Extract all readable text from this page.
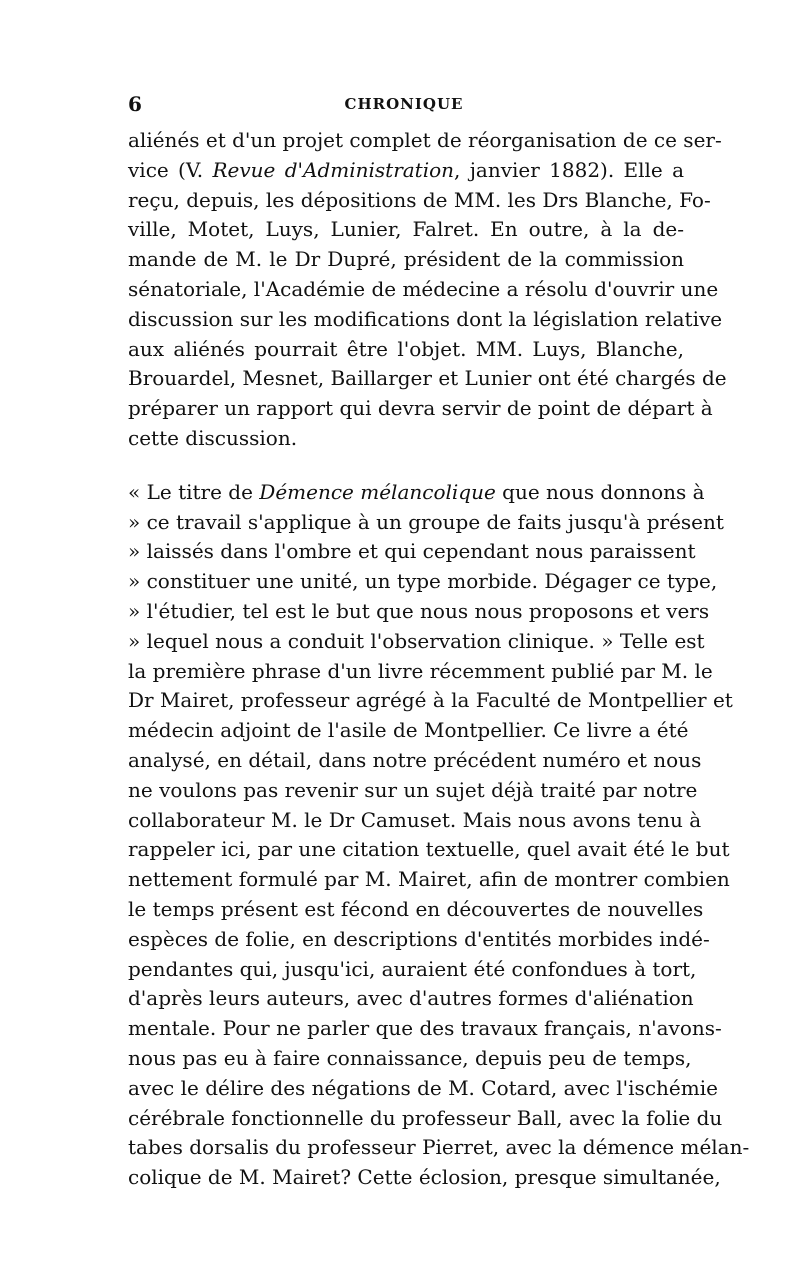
6	CHRONIQUE
aliénés et d'un projet complet de réorganisation de ce ser-
vice (V. Revue d'Administration, janvier 1882). Elle a
reçu, depuis, les dépositions de MM. les Drs Blanche, Fo-
ville, Motet, Luys, Lunier, Falret. En outre, à la de-
mande de M. le Dr Dupré, président de la commission
sénatoriale, l'Académie de médecine a résolu d'ouvrir une
discussion sur les modifications dont la législation relative
aux aliénés pourrait être l'objet. MM. Luys, Blanche,
Brouardel, Mesnet, Baillarger et Lunier ont été chargés de
préparer un rapport qui devra servir de point de départ à
cette discussion.
« Le titre de Démence mélancolique que nous donnons à
» ce travail s'applique à un groupe de faits jusqu'à présent
» laissés dans l'ombre et qui cependant nous paraissent
» constituer une unité, un type morbide. Dégager ce type,
» l'étudier, tel est le but que nous nous proposons et vers
» lequel nous a conduit l'observation clinique. » Telle est
la première phrase d'un livre récemment publié par M. le
Dr Mairet, professeur agrégé à la Faculté de Montpellier et
médecin adjoint de l'asile de Montpellier. Ce livre a été
analysé, en détail, dans notre précédent numéro et nous
ne voulons pas revenir sur un sujet déjà traité par notre
collaborateur M. le Dr Camuset. Mais nous avons tenu à
rappeler ici, par une citation textuelle, quel avait été le but
nettement formulé par M. Mairet, afin de montrer combien
le temps présent est fécond en découvertes de nouvelles
espèces de folie, en descriptions d'entités morbides indé-
pendantes qui, jusqu'ici, auraient été confondues à tort,
d'après leurs auteurs, avec d'autres formes d'aliénation
mentale. Pour ne parler que des travaux français, n'avons-
nous pas eu à faire connaissance, depuis peu de temps,
avec le délire des négations de M. Cotard, avec l'ischémie
cérébrale fonctionnelle du professeur Ball, avec la folie du
tabes dorsalis du professeur Pierret, avec la démence mélan-
colique de M. Mairet? Cette éclosion, presque simultanée,
